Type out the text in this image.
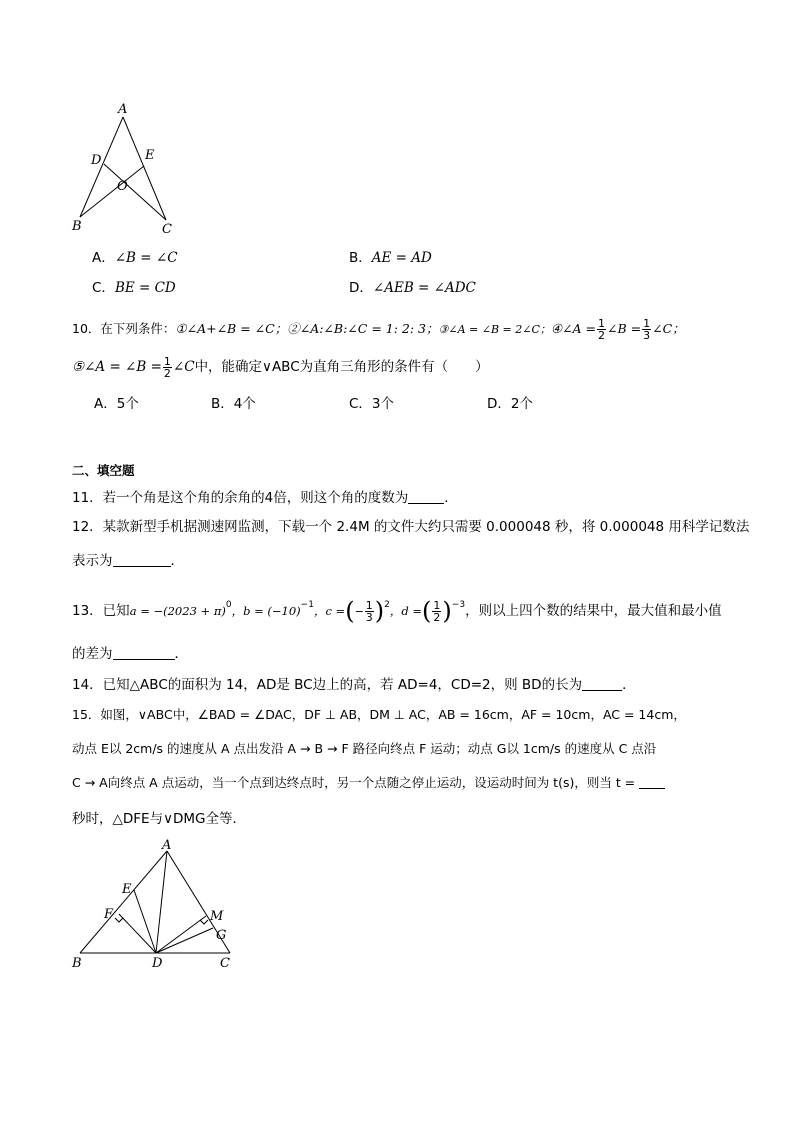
A
D	E
O
B	C
A．∠B = ∠C	B．AE = AD
C．BE = CD	D．∠AEB = ∠ADC
10．在下列条件：①∠A+∠B = ∠C；②∠A:∠B:∠C = 1: 2: 3；③∠A = ∠B = 2∠C；④∠A = $\frac{1}{2}$ ∠B = $\frac{1}{3}$ ∠C；
⑤∠A = ∠B = $\frac{1}{2}$ ∠C中，能确定∨ABC为直角三角形的条件有（　　）
A．5个	B．4个	C．3个	D．2个
二、填空题
11．若一个角是这个角的余角的4倍，则这个角的度数为	．
12．某款新型手机据测速网监测，下载一个 2.4M 的文件大约只需要 0.000048 秒，将 0.000048 用科学记数法
表示为	．
13．已知$a = -(2023 + \pi)^0$，$b = (-10)^{-1}$，c =(− $\frac{1}{3} )^2$，d =( $\frac{1}{2} )^{-3}$，则以上四个数的结果中，最大值和最小值
的差为	．
14．已知△ABC的面积为 14，AD是 BC边上的高，若 AD=4，CD=2，则 BD的长为	．
15．如图，∨ABC中，∠BAD = ∠DAC，DF ⊥ AB，DM ⊥ AC，AB = 16cm，AF = 10cm，AC = 14cm，
动点 E以 2cm/s 的速度从 A 点出发沿 A → B → F 路径向终点 F 运动；动点 G以 1cm/s 的速度从 C 点沿
C → A向终点 A 点运动，当一个点到达终点时，另一个点随之停止运动，设运动时间为 t(s)，则当 t =
秒时，△DFE与∨DMG全等．
A
E
F	M
G
B	D	C
